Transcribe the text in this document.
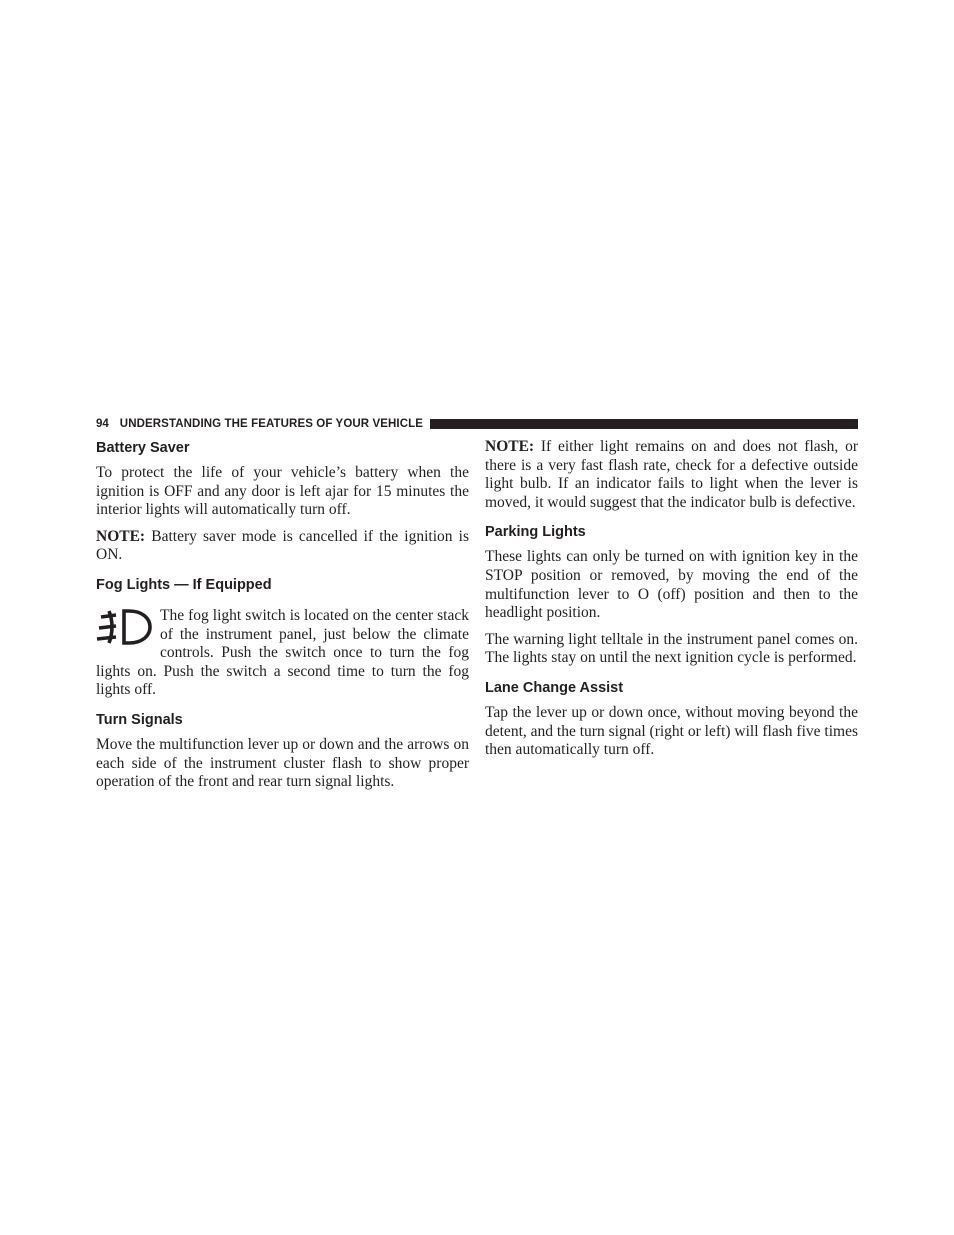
94 UNDERSTANDING THE FEATURES OF YOUR VEHICLE
Battery Saver

To protect the life of your vehicle’s battery when the ignition is OFF and any door is left ajar for 15 minutes the interior lights will automatically turn off.

NOTE: Battery saver mode is cancelled if the ignition is ON.

Fog Lights — If Equipped

The fog light switch is located on the center stack of the instrument panel, just below the climate controls. Push the switch once to turn the fog lights on. Push the switch a second time to turn the fog lights off.

Turn Signals

Move the multifunction lever up or down and the arrows on each side of the instrument cluster flash to show proper operation of the front and rear turn signal lights.

NOTE: If either light remains on and does not flash, or there is a very fast flash rate, check for a defective outside light bulb. If an indicator fails to light when the lever is moved, it would suggest that the indicator bulb is defective.

Parking Lights

These lights can only be turned on with ignition key in the STOP position or removed, by moving the end of the multifunction lever to O (off) position and then to the headlight position.

The warning light telltale in the instrument panel comes on. The lights stay on until the next ignition cycle is performed.

Lane Change Assist

Tap the lever up or down once, without moving beyond the detent, and the turn signal (right or left) will flash five times then automatically turn off.
